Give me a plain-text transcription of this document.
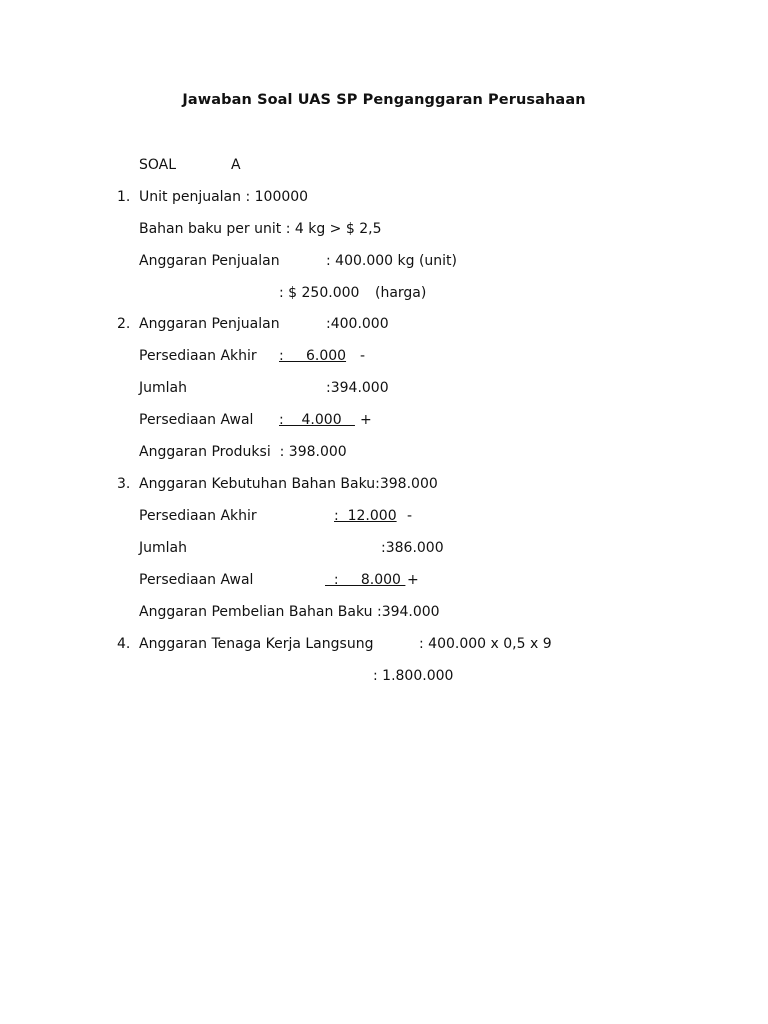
Jawaban Soal UAS SP Penganggaran Perusahaan
SOAL	A
1. Unit penjualan : 100000
Bahan baku per unit : 4 kg > $ 2,5
Anggaran Penjualan	: 400.000 kg (unit)
: $ 250.000 (harga)
2. Anggaran Penjualan	:400.000
Persediaan Akhir :     6.000 -
Jumlah	:394.000
Persediaan Awal :    4.000 +
Anggaran Produksi  : 398.000
3. Anggaran Kebutuhan Bahan Baku:398.000
Persediaan Akhir	:  12.000 -
Jumlah	:386.000
Persediaan Awal	:     8.000 +
Anggaran Pembelian Bahan Baku :394.000
4. Anggaran Tenaga Kerja Langsung	: 400.000 x 0,5 x 9
: 1.800.000
